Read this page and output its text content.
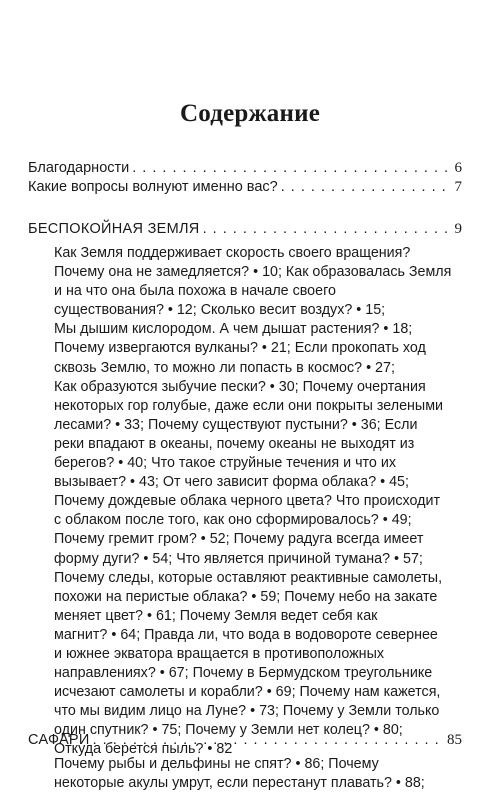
Содержание
Благодарности . . .	6
Какие вопросы волнуют именно вас? . . .	7
БЕСПОКОЙНАЯ ЗЕМЛЯ . . .	9
Как Земля поддерживает скорость своего вращения?
Почему она не замедляется? • 10; Как образовалась Земля
и на что она была похожа в начале своего
существования? • 12; Сколько весит воздух? • 15;
Мы дышим кислородом. А чем дышат растения? • 18;
Почему извергаются вулканы? • 21; Если прокопать ход
сквозь Землю, то можно ли попасть в космос? • 27;
Как образуются зыбучие пески? • 30; Почему очертания
некоторых гор голубые, даже если они покрыты зелеными
лесами? • 33; Почему существуют пустыни? • 36; Если
реки впадают в океаны, почему океаны не выходят из
берегов? • 40; Что такое струйные течения и что их
вызывает? • 43; От чего зависит форма облака? • 45;
Почему дождевые облака черного цвета? Что происходит
с облаком после того, как оно сформировалось? • 49;
Почему гремит гром? • 52; Почему радуга всегда имеет
форму дуги? • 54; Что является причиной тумана? • 57;
Почему следы, которые оставляют реактивные самолеты,
похожи на перистые облака? • 59; Почему небо на закате
меняет цвет? • 61; Почему Земля ведет себя как
магнит? • 64; Правда ли, что вода в водовороте севернее
и южнее экватора вращается в противоположных
направлениях? • 67; Почему в Бермудском треугольнике
исчезают самолеты и корабли? • 69; Почему нам кажется,
что мы видим лицо на Луне? • 73; Почему у Земли только
один спутник? • 75; Почему у Земли нет колец? • 80;
Откуда берется пыль? • 82
САФАРИ . . .	85
Почему рыбы и дельфины не спят? • 86; Почему
некоторые акулы умрут, если перестанут плавать? • 88;
